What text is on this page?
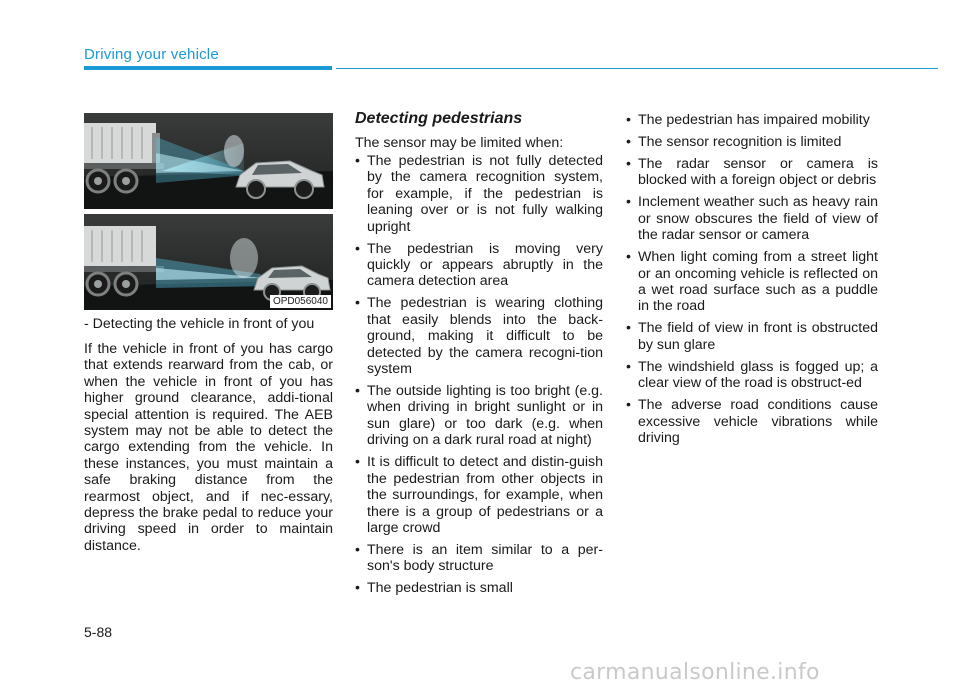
Driving your vehicle
OPD056040
- Detecting the vehicle in front of you
If the vehicle in front of you has cargo that extends rearward from the cab, or when the vehicle in front of you has higher ground clearance, addi-tional special attention is required. The AEB system may not be able to detect the cargo extending from the vehicle. In these instances, you must maintain a safe braking distance from the rearmost object, and if nec-essary, depress the brake pedal to reduce your driving speed in order to maintain distance.
Detecting pedestrians
The sensor may be limited when:
• The pedestrian is not fully detected by the camera recognition system, for example, if the pedestrian is leaning over or is not fully walking upright
• The pedestrian is moving very quickly or appears abruptly in the camera detection area
• The pedestrian is wearing clothing that easily blends into the back-ground, making it difficult to be detected by the camera recogni-tion system
• The outside lighting is too bright (e.g. when driving in bright sunlight or in sun glare) or too dark (e.g. when driving on a dark rural road at night)
• It is difficult to detect and distin-guish the pedestrian from other objects in the surroundings, for example, when there is a group of pedestrians or a large crowd
• There is an item similar to a per-son's body structure
• The pedestrian is small
• The pedestrian has impaired mobility
• The sensor recognition is limited
• The radar sensor or camera is blocked with a foreign object or debris
• Inclement weather such as heavy rain or snow obscures the field of view of the radar sensor or camera
• When light coming from a street light or an oncoming vehicle is reflected on a wet road surface such as a puddle in the road
• The field of view in front is obstructed by sun glare
• The windshield glass is fogged up; a clear view of the road is obstruct-ed
• The adverse road conditions cause excessive vehicle vibrations while driving
5-88
carmanualsonline.info
